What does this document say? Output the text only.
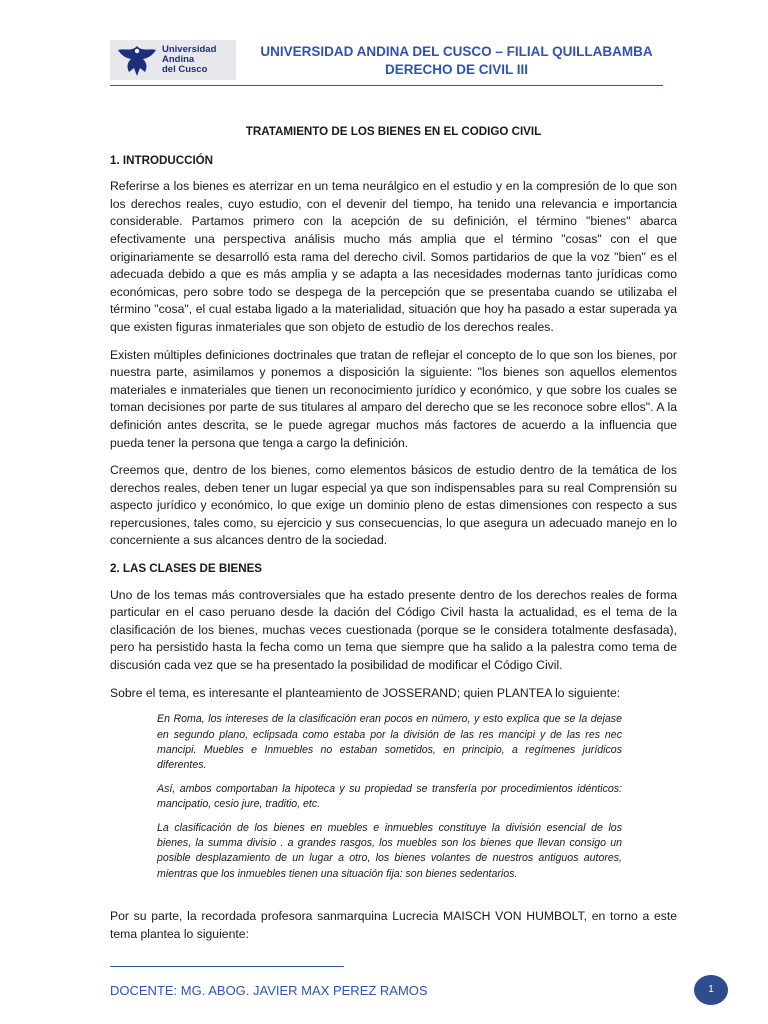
Universidad
Andina
del Cusco
UNIVERSIDAD ANDINA DEL CUSCO – FILIAL QUILLABAMBA
DERECHO DE CIVIL III

TRATAMIENTO DE LOS BIENES EN EL CODIGO CIVIL

1. INTRODUCCIÓN

Referirse a los bienes es aterrizar en un tema neurálgico en el estudio y en la compresión de lo que son los derechos reales, cuyo estudio, con el devenir del tiempo, ha tenido una relevancia e importancia considerable. Partamos primero con la acepción de su definición, el término "bienes" abarca efectivamente una perspectiva análisis mucho más amplia que el término "cosas" con el que originariamente se desarrolló esta rama del derecho civil. Somos partidarios de que la voz "bien" es el adecuada debido a que es más amplia y se adapta a las necesidades modernas tanto jurídicas como económicas, pero sobre todo se despega de la percepción que se presentaba cuando se utilizaba el término "cosa", el cual estaba ligado a la materialidad, situación que hoy ha pasado a estar superada ya que existen figuras inmateriales que son objeto de estudio de los derechos reales.

Existen múltiples definiciones doctrinales que tratan de reflejar el concepto de lo que son los bienes, por nuestra parte, asimilamos y ponemos a disposición la siguiente: "los bienes son aquellos elementos materiales e inmateriales que tienen un reconocimiento jurídico y económico, y que sobre los cuales se toman decisiones por parte de sus titulares al amparo del derecho que se les reconoce sobre ellos". A la definición antes descrita, se le puede agregar muchos más factores de acuerdo a la influencia que pueda tener la persona que tenga a cargo la definición.

Creemos que, dentro de los bienes, como elementos básicos de estudio dentro de la temática de los derechos reales, deben tener un lugar especial ya que son indispensables para su real Comprensión su aspecto jurídico y económico, lo que exige un dominio pleno de estas dimensiones con respecto a sus repercusiones, tales como, su ejercicio y sus consecuencias, lo que asegura un adecuado manejo en lo concerniente a sus alcances dentro de la sociedad.

2. LAS CLASES DE BIENES

Uno de los temas más controversiales que ha estado presente dentro de los derechos reales de forma particular en el caso peruano desde la dación del Código Civil hasta la actualidad, es el tema de la clasificación de los bienes, muchas veces cuestionada (porque se le considera totalmente desfasada), pero ha persistido hasta la fecha como un tema que siempre que ha salido a la palestra como tema de discusión cada vez que se ha presentado la posibilidad de modificar el Código Civil.

Sobre el tema, es interesante el planteamiento de JOSSERAND; quien PLANTEA lo siguiente:

En Roma, los intereses de la clasificación eran pocos en número, y esto explica que se la dejase en segundo plano, eclipsada como estaba por la división de las res mancipi y de las res nec mancipi. Muebles e Inmuebles no estaban sometidos, en principio, a regímenes jurídicos diferentes.

Así, ambos comportaban la hipoteca y su propiedad se transfería por procedimientos idénticos: mancipatio, cesio jure, traditio, etc.

La clasificación de los bienes en muebles e inmuebles constituye la división esencial de los bienes, la summa divisio . a grandes rasgos, los muebles son los bienes que llevan consigo un posible desplazamiento de un lugar a otro, los bienes volantes de nuestros antiguos autores, mientras que los inmuebles tienen una situación fija: son bienes sedentarios.

Por su parte, la recordada profesora sanmarquina Lucrecia MAISCH VON HUMBOLT, en torno a este tema plantea lo siguiente:

DOCENTE: MG. ABOG. JAVIER MAX PEREZ RAMOS	1
